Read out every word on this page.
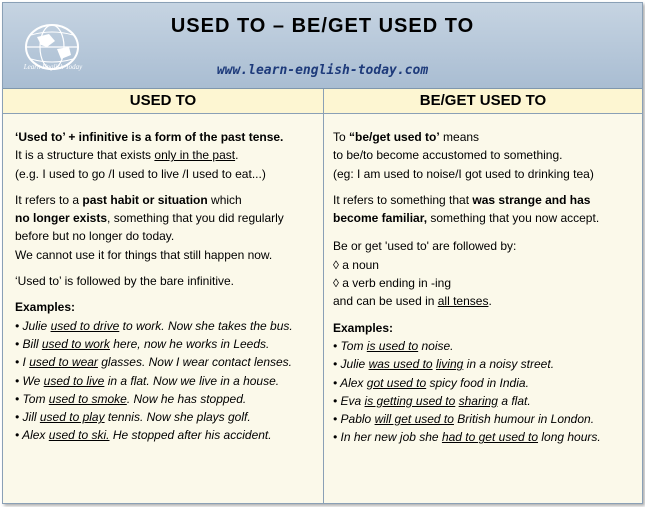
Learn English Today
USED TO – BE/GET USED TO
www.learn-english-today.com
USED TO	BE/GET USED TO
‘Used to’ + infinitive is a form of the past tense.
It is a structure that exists only in the past.
(e.g. I used to go /I used to live /I used to eat...)
It refers to a past habit or situation which
no longer exists, something that you did regularly
before but no longer do today.
We cannot use it for things that still happen now.
‘Used to’ is followed by the bare infinitive.
Examples:
• Julie used to drive to work. Now she takes the bus.
• Bill used to work here, now he works in Leeds.
• I used to wear glasses. Now I wear contact lenses.
• We used to live in a flat. Now we live in a house.
• Tom used to smoke. Now he has stopped.
• Jill used to play tennis. Now she plays golf.
• Alex used to ski. He stopped after his accident.
To “be/get used to’ means
to be/to become accustomed to something.
(eg: I am used to noise/I got used to drinking tea)
It refers to something that was strange and has
become familiar, something that you now accept.
Be or get 'used to' are followed by:
◊ a noun
◊ a verb ending in -ing
and can be used in all tenses.
Examples:
• Tom is used to noise.
• Julie was used to living in a noisy street.
• Alex got used to spicy food in India.
• Eva is getting used to sharing a flat.
• Pablo will get used to British humour in London.
• In her new job she had to get used to long hours.
